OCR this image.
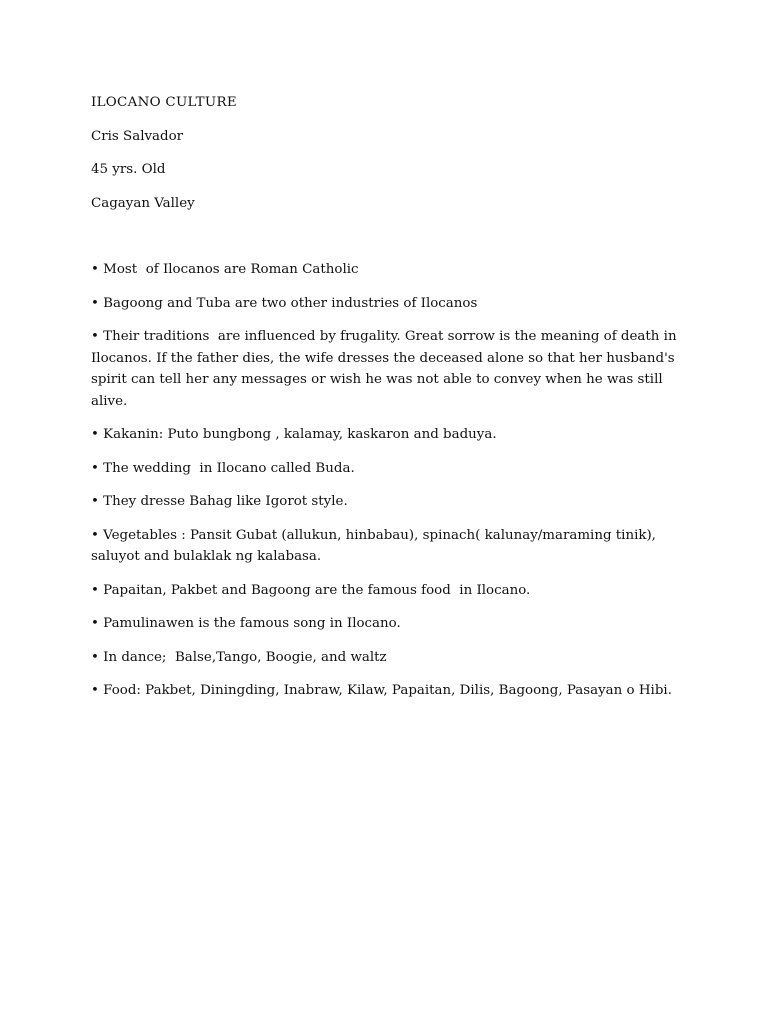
ILOCANO CULTURE

Cris Salvador

45 yrs. Old

Cagayan Valley

• Most  of Ilocanos are Roman Catholic

• Bagoong and Tuba are two other industries of Ilocanos

• Their traditions  are influenced by frugality. Great sorrow is the meaning of death in Ilocanos. If the father dies, the wife dresses the deceased alone so that her husband's spirit can tell her any messages or wish he was not able to convey when he was still alive.

• Kakanin: Puto bungbong , kalamay, kaskaron and baduya.

• The wedding  in Ilocano called Buda.

• They dresse Bahag like Igorot style.

• Vegetables : Pansit Gubat (allukun, hinbabau), spinach( kalunay/maraming tinik), saluyot and bulaklak ng kalabasa.

• Papaitan, Pakbet and Bagoong are the famous food  in Ilocano.

• Pamulinawen is the famous song in Ilocano.

• In dance;  Balse,Tango, Boogie, and waltz

• Food: Pakbet, Diningding, Inabraw, Kilaw, Papaitan, Dilis, Bagoong, Pasayan o Hibi.
